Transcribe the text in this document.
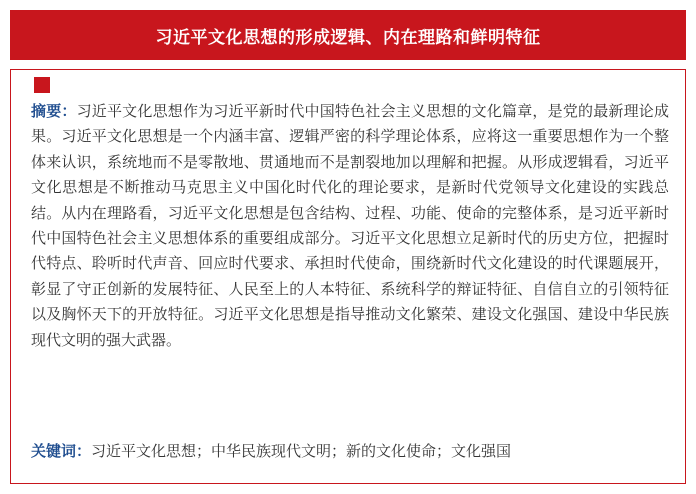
习近平文化思想的形成逻辑、内在理路和鲜明特征

摘要：习近平文化思想作为习近平新时代中国特色社会主义思想的文化篇章，是党的最新理论成果。习近平文化思想是一个内涵丰富、逻辑严密的科学理论体系，应将这一重要思想作为一个整体来认识，系统地而不是零散地、贯通地而不是割裂地加以理解和把握。从形成逻辑看，习近平文化思想是不断推动马克思主义中国化时代化的理论要求，是新时代党领导文化建设的实践总结。从内在理路看，习近平文化思想是包含结构、过程、功能、使命的完整体系，是习近平新时代中国特色社会主义思想体系的重要组成部分。习近平文化思想立足新时代的历史方位，把握时代特点、聆听时代声音、回应时代要求、承担时代使命，围绕新时代文化建设的时代课题展开，彰显了守正创新的发展特征、人民至上的人本特征、系统科学的辩证特征、自信自立的引领特征以及胸怀天下的开放特征。习近平文化思想是指导推动文化繁荣、建设文化强国、建设中华民族现代文明的强大武器。

关键词：习近平文化思想；中华民族现代文明；新的文化使命；文化强国
